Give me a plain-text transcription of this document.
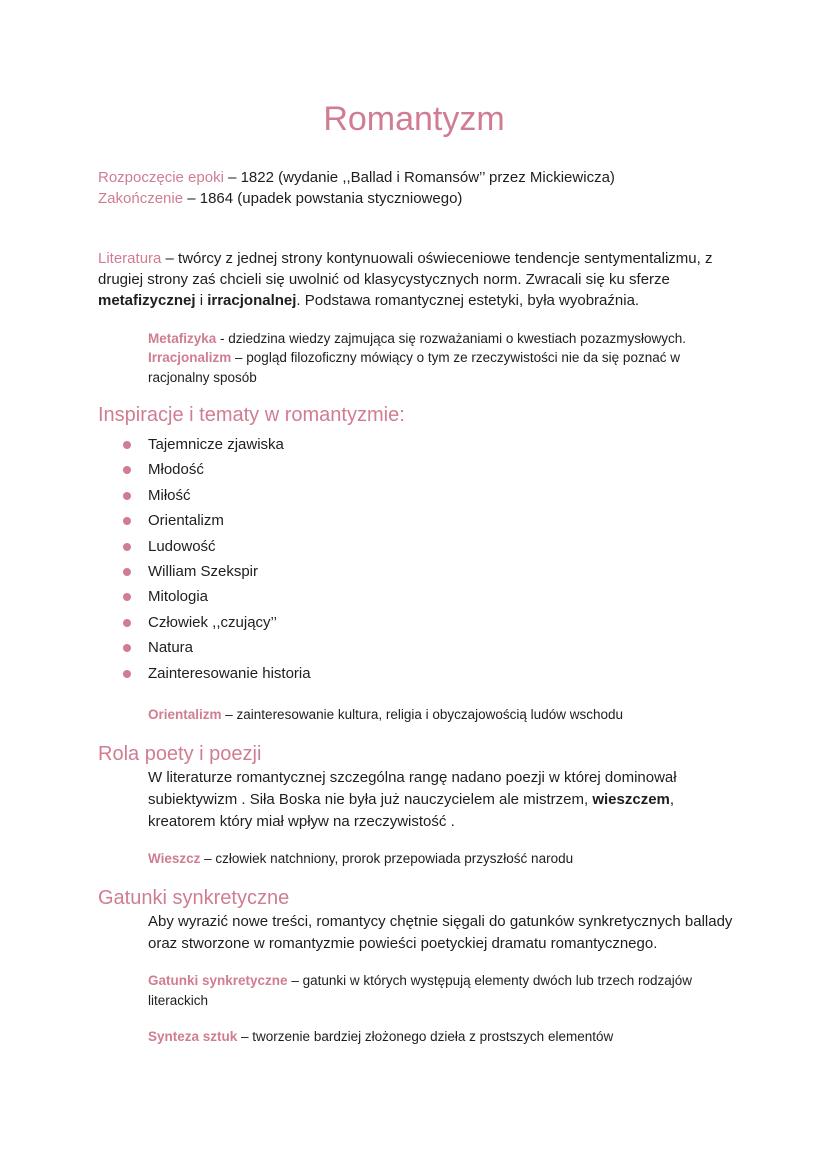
Romantyzm
Rozpoczęcie epoki – 1822 (wydanie ,,Ballad i Romansów’’ przez Mickiewicza)
Zakończenie – 1864 (upadek powstania styczniowego)
Literatura – twórcy z jednej strony kontynuowali oświeceniowe tendencje sentymentalizmu, z drugiej strony zaś chcieli się uwolnić od klasycystycznych norm. Zwracali się ku sferze metafizycznej i irracjonalnej. Podstawa romantycznej estetyki, była wyobraźnia.
Metafizyka - dziedzina wiedzy zajmująca się rozważaniami o kwestiach pozazmysłowych.
Irracjonalizm – pogląd filozoficzny mówiący o tym ze rzeczywistości nie da się poznać w racjonalny sposób
Inspiracje i tematy w romantyzmie:
Tajemnicze zjawiska
Młodość
Miłość
Orientalizm
Ludowość
William Szekspir
Mitologia
Człowiek ,,czujący’’
Natura
Zainteresowanie historia
Orientalizm – zainteresowanie kultura, religia i obyczajowością ludów wschodu
Rola poety i poezji
W literaturze romantycznej szczególna rangę nadano poezji w której dominował subiektywizm . Siła Boska nie była już nauczycielem ale mistrzem, wieszczem, kreatorem który miał wpływ na rzeczywistość .
Wieszcz – człowiek natchniony, prorok przepowiada przyszłość narodu
Gatunki synkretyczne
Aby wyrazić nowe treści, romantycy chętnie sięgali do gatunków synkretycznych ballady oraz stworzone w romantyzmie powieści poetyckiej dramatu romantycznego.
Gatunki synkretyczne – gatunki w których występują elementy dwóch lub trzech rodzajów literackich
Synteza sztuk – tworzenie bardziej złożonego dzieła z prostszych elementów
